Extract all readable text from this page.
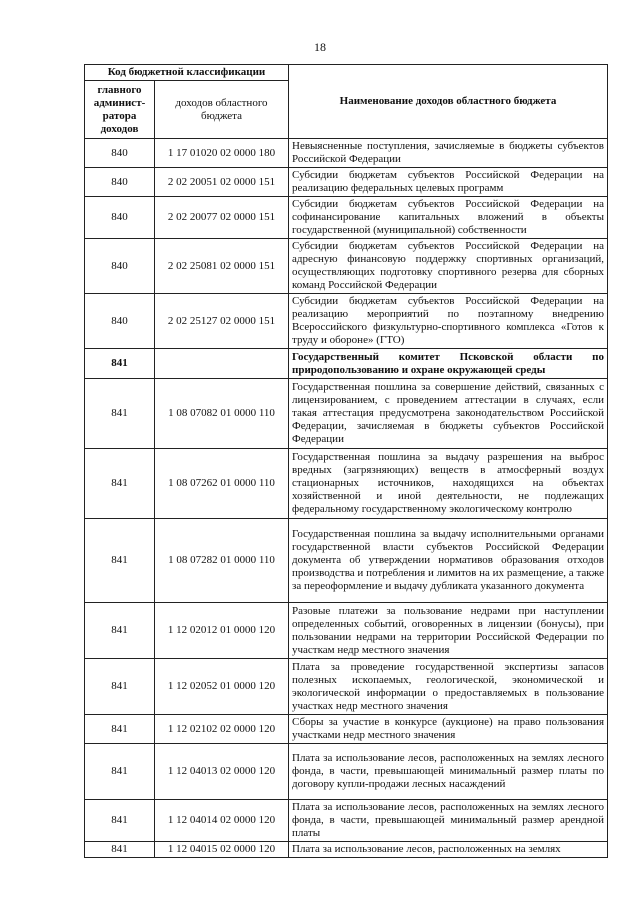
18
Код бюджетной классификации		Наименование доходов областного бюджета
главного админист-ратора доходов	доходов областного бюджета	
840	1 17 01020 02 0000 180	Невыясненные поступления, зачисляемые в бюджеты субъектов Российской Федерации
840	2 02 20051 02 0000 151	Субсидии бюджетам субъектов Российской Федерации на реализацию федеральных целевых программ
840	2 02 20077 02 0000 151	Субсидии бюджетам субъектов Российской Федерации на софинансирование капитальных вложений в объекты государственной (муниципальной) собственности
840	2 02 25081 02 0000 151	Субсидии бюджетам субъектов Российской Федерации на адресную финансовую поддержку спортивных организаций, осуществляющих подготовку спортивного резерва для сборных команд Российской Федерации
840	2 02 25127 02 0000 151	Субсидии бюджетам субъектов Российской Федерации на реализацию мероприятий по поэтапному внедрению Всероссийского физкультурно-спортивного комплекса «Готов к труду и обороне» (ГТО)
841		Государственный комитет Псковской области по природопользованию и охране окружающей среды
841	1 08 07082 01 0000 110	Государственная пошлина за совершение действий, связанных с лицензированием, с проведением аттестации в случаях, если такая аттестация предусмотрена законодательством Российской Федерации, зачисляемая в бюджеты субъектов Российской Федерации
841	1 08 07262 01 0000 110	Государственная пошлина за выдачу разрешения на выброс вредных (загрязняющих) веществ в атмосферный воздух стационарных источников, находящихся на объектах хозяйственной и иной деятельности, не подлежащих федеральному государственному экологическому контролю
841	1 08 07282 01 0000 110	Государственная пошлина за выдачу исполнительными органами государственной власти субъектов Российской Федерации документа об утверждении нормативов образования отходов производства и потребления и лимитов на их размещение, а также за переоформление и выдачу дубликата указанного документа
841	1 12 02012 01 0000 120	Разовые платежи за пользование недрами при наступлении определенных событий, оговоренных в лицензии (бонусы), при пользовании недрами на территории Российской Федерации по участкам недр местного значения
841	1 12 02052 01 0000 120	Плата за проведение государственной экспертизы запасов полезных ископаемых, геологической, экономической и экологической информации о предоставляемых в пользование участках недр местного значения
841	1 12 02102 02 0000 120	Сборы за участие в конкурсе (аукционе) на право пользования участками недр местного значения
841	1 12 04013 02 0000 120	Плата за использование лесов, расположенных на землях лесного фонда, в части, превышающей минимальный размер платы по договору купли-продажи лесных насаждений
841	1 12 04014 02 0000 120	Плата за использование лесов, расположенных на землях лесного фонда, в части, превышающей минимальный размер арендной платы
841	1 12 04015 02 0000 120	Плата за использование лесов, расположенных на землях
